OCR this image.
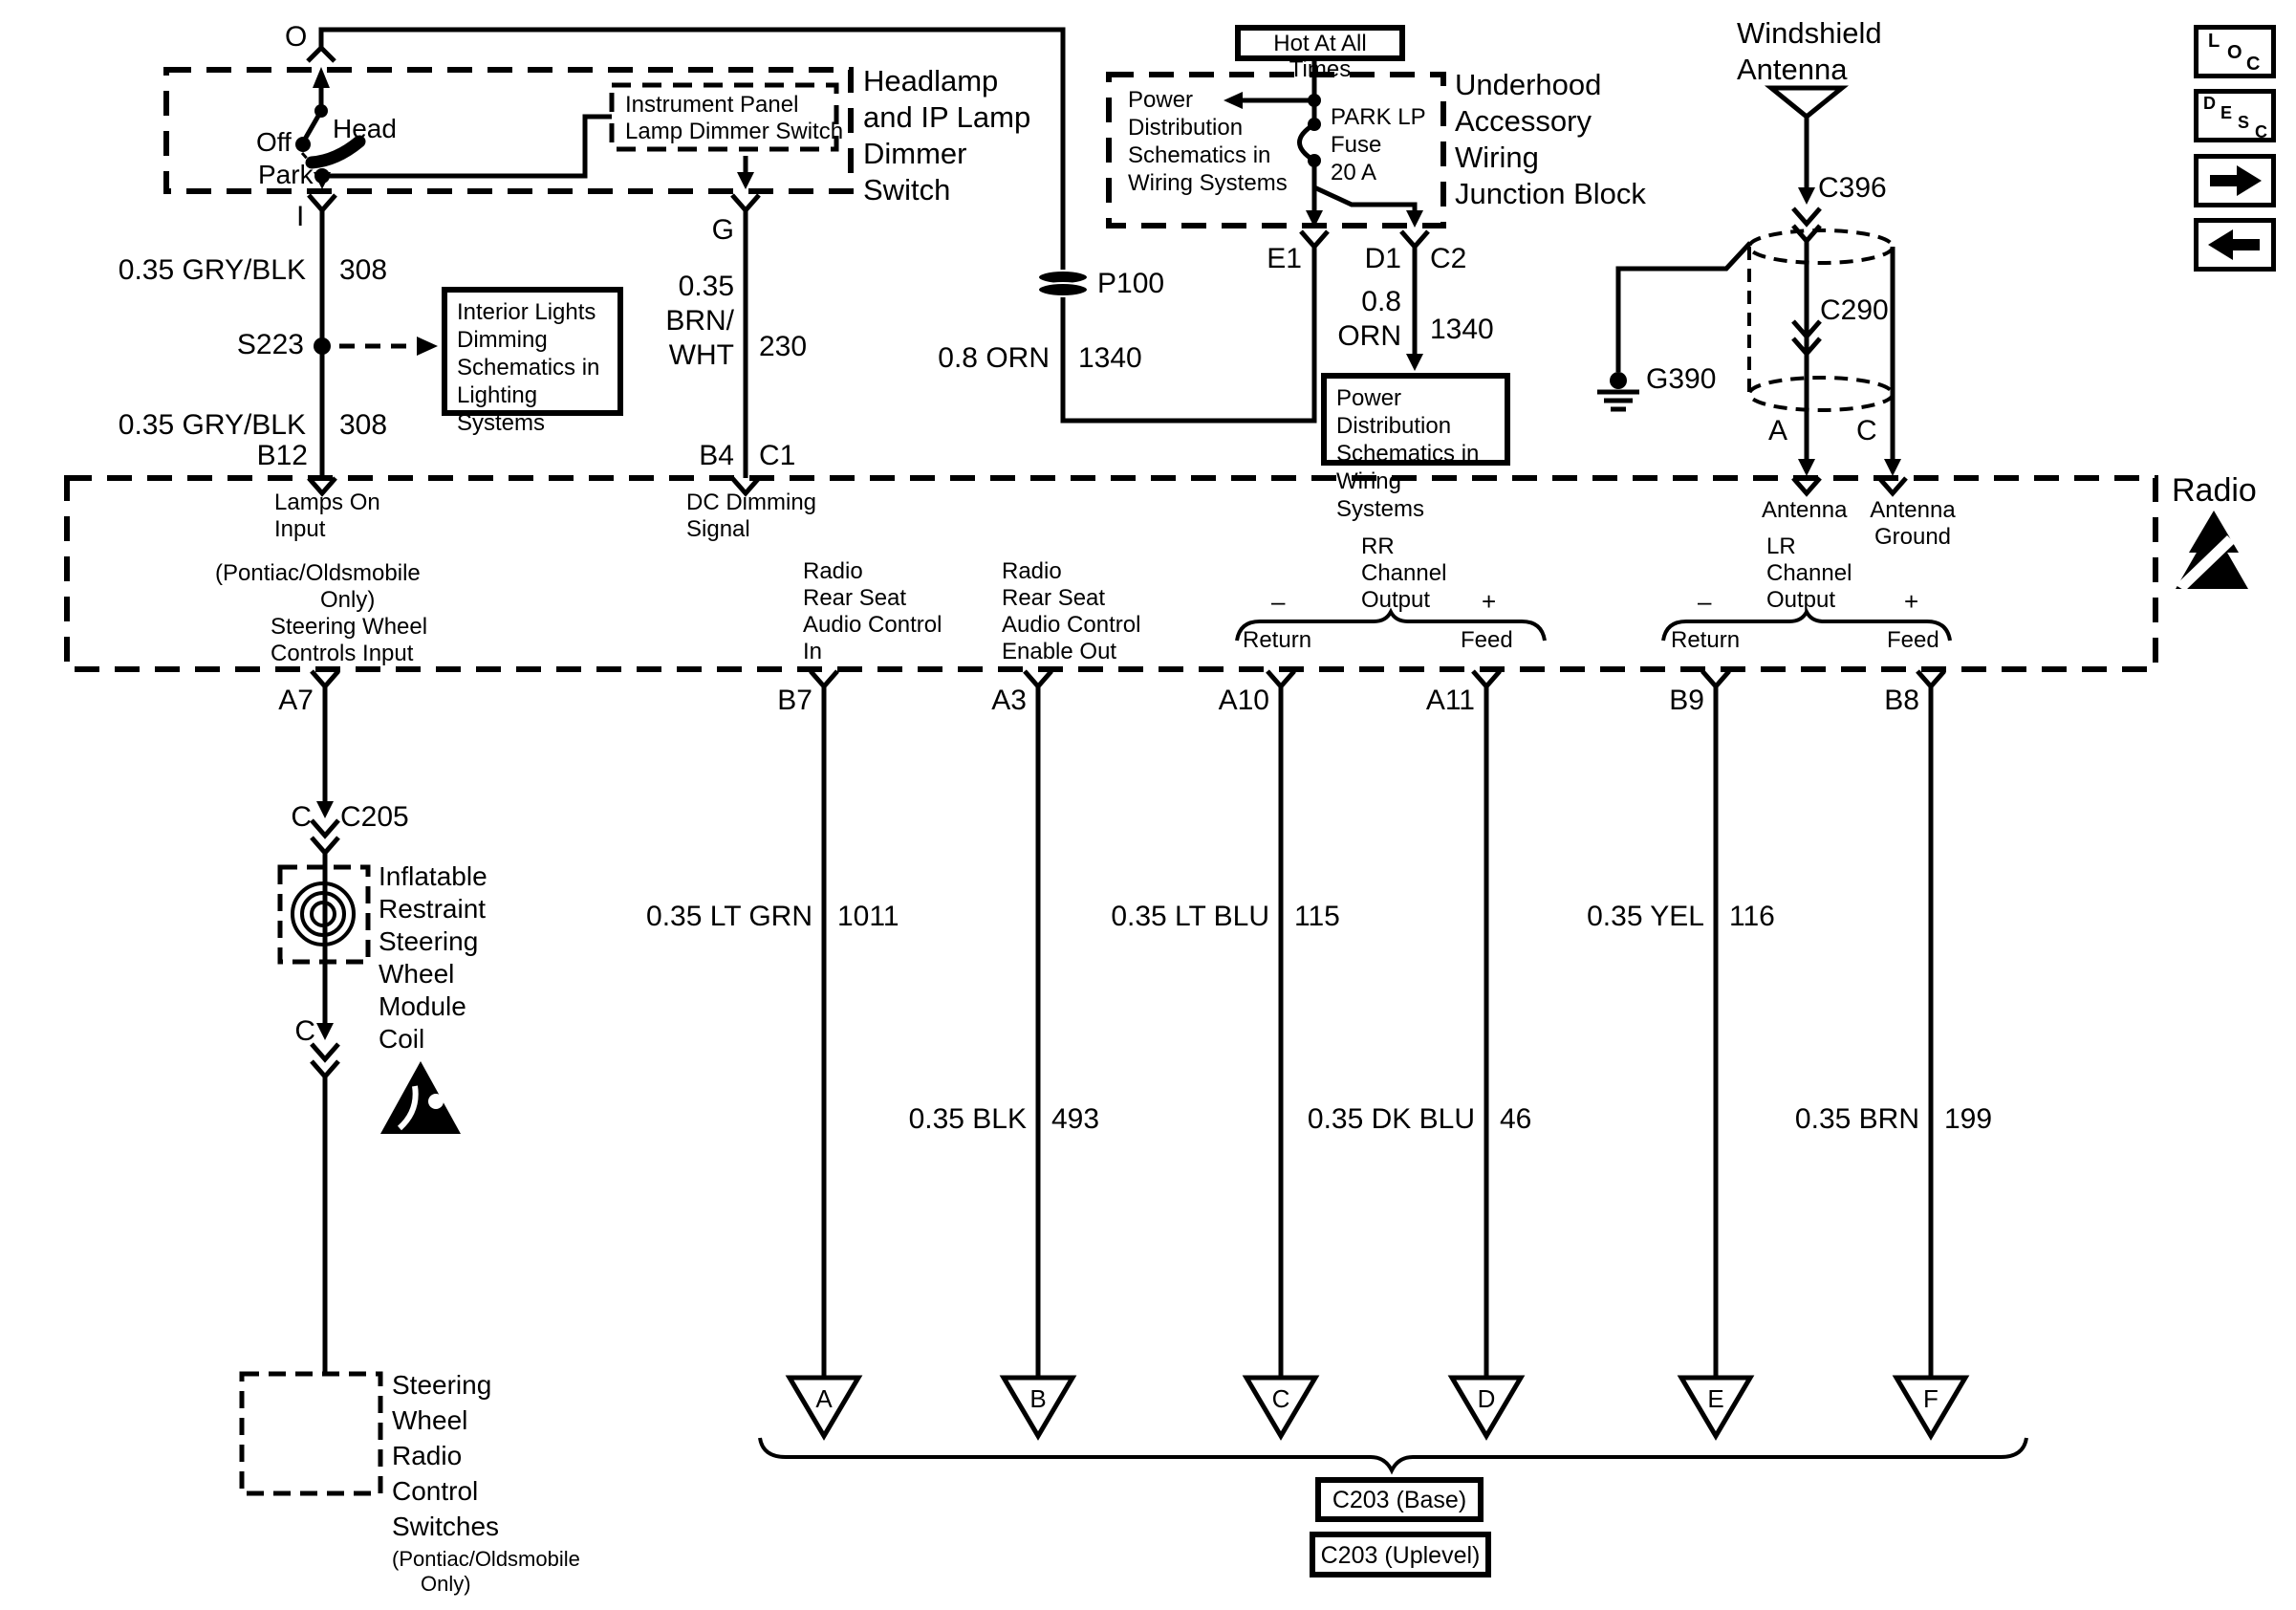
Hot At All Times
Interior Lights
Dimming
Schematics in
Lighting Systems
Power Distribution
Schematics in
Wiring Systems
C203 (Base)
C203 (Uplevel)
L
O
C
D E S C
O
Off Head
Park
Instrument Panel
Lamp Dimmer Switch
Headlamp
and IP Lamp
Dimmer
Switch
I	G
Power
Distribution
Schematics in
Wiring Systems
PARK LP
Fuse
20 A
Underhood
Accessory
Wiring
Junction Block
E1	D1 C2
Windshield
Antenna
C396
C290
G390
A C
0.35 GRY/BLK 308
S223
0.35 GRY/BLK 308
B12
0.35
BRN/
WHT 230
B4 C1
P100
0.8 ORN 1340
0.8
ORN 1340
Radio
Lamps On
Input
DC Dimming
Signal
(Pontiac/Oldsmobile
Only)
Steering Wheel
Controls Input
Radio
Rear Seat
Audio Control
In
Radio
Rear Seat
Audio Control
Enable Out
RR
Channel
Output
–	+
Return	Feed
LR
Channel
Output
–	+
Return	Feed
Antenna Antenna
Ground
A7	B7	A3	A10	A11	B9	B8
C C205
Inflatable
Restraint
Steering
Wheel
Module
Coil
C
Steering
Wheel
Radio
Control
Switches
(Pontiac/Oldsmobile
Only)
0.35 LT GRN 1011	0.35 LT BLU 115	0.35 YEL 116
0.35 BLK 493	0.35 DK BLU 46	0.35 BRN 199
A	B	C	D	E	F
